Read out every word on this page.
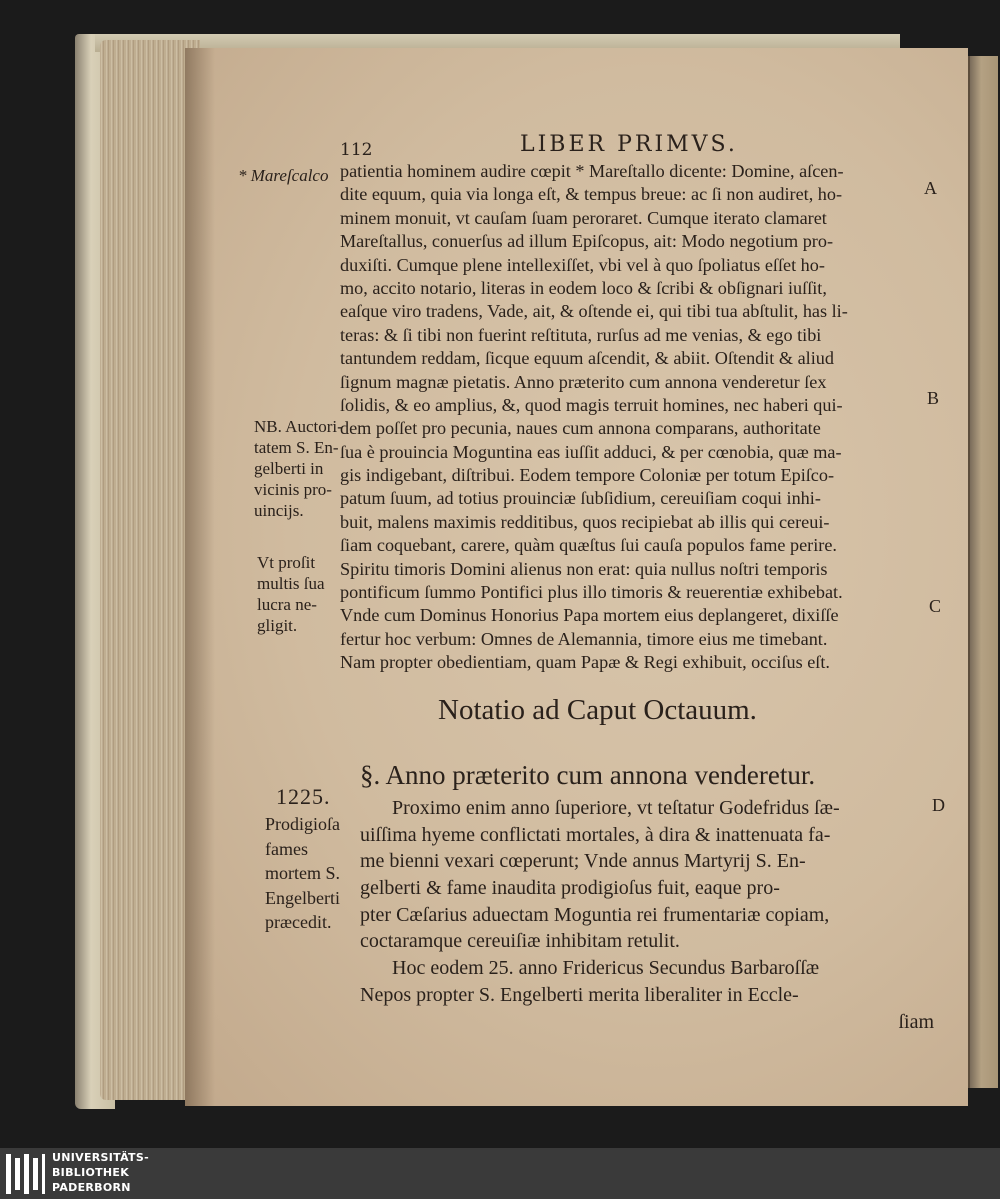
112	LIBER PRIMVS.
* Mareſcalco
NB. Auctori-
tatem S. En-
gelberti in
vicinis pro-
uincijs.
Vt proſit
multis ſua
lucra ne-
gligit.
1225.
Prodigioſa
fames
mortem S.
Engelberti
præcedit.
A
B
C
D
patientia hominem audire cœpit * Mareſtallo dicente: Domine, aſcen-
dite equum, quia via longa eſt, & tempus breue: ac ſi non audiret, ho-
minem monuit, vt cauſam ſuam peroraret. Cumque iterato clamaret
Mareſtallus, conuerſus ad illum Epiſcopus, ait: Modo negotium pro-
duxiſti. Cumque plene intellexiſſet, vbi vel à quo ſpoliatus eſſet ho-
mo, accito notario, literas in eodem loco & ſcribi & obſignari iuſſit,
eaſque viro tradens, Vade, ait, & oſtende ei, qui tibi tua abſtulit, has li-
teras: & ſi tibi non fuerint reſtituta, rurſus ad me venias, & ego tibi
tantundem reddam, ſicque equum aſcendit, & abiit. Oſtendit & aliud
ſignum magnæ pietatis. Anno præterito cum annona venderetur ſex
ſolidis, & eo amplius, &, quod magis terruit homines, nec haberi qui-
dem poſſet pro pecunia, naues cum annona comparans, authoritate
ſua è prouincia Moguntina eas iuſſit adduci, & per cœnobia, quæ ma-
gis indigebant, diſtribui. Eodem tempore Coloniæ per totum Epiſco-
patum ſuum, ad totius prouinciæ ſubſidium, cereuiſiam coqui inhi-
buit, malens maximis redditibus, quos recipiebat ab illis qui cereui-
ſiam coquebant, carere, quàm quæſtus ſui cauſa populos fame perire.
Spiritu timoris Domini alienus non erat: quia nullus noſtri temporis
pontificum ſummo Pontifici plus illo timoris & reuerentiæ exhibebat.
Vnde cum Dominus Honorius Papa mortem eius deplangeret, dixiſſe
fertur hoc verbum: Omnes de Alemannia, timore eius me timebant.
Nam propter obedientiam, quam Papæ & Regi exhibuit, occiſus eſt.
Notatio ad Caput Octauum.
§. Anno præterito cum annona venderetur.
Proximo enim anno ſuperiore, vt teſtatur Godefridus ſæ-
uiſſima hyeme conflictati mortales, à dira & inattenuata fa-
me bienni vexari cœperunt; Vnde annus Martyrij S. En-
gelberti & fame inaudita prodigioſus fuit, eaque pro-
pter Cæſarius aduectam Moguntia rei frumentariæ copiam,
coctaramque cereuiſiæ inhibitam retulit.
Hoc eodem 25. anno Fridericus Secundus Barbaroſſæ
Nepos propter S. Engelberti merita liberaliter in Eccle-
ſiam
UNIVERSITÄTS-
BIBLIOTHEK
PADERBORN
